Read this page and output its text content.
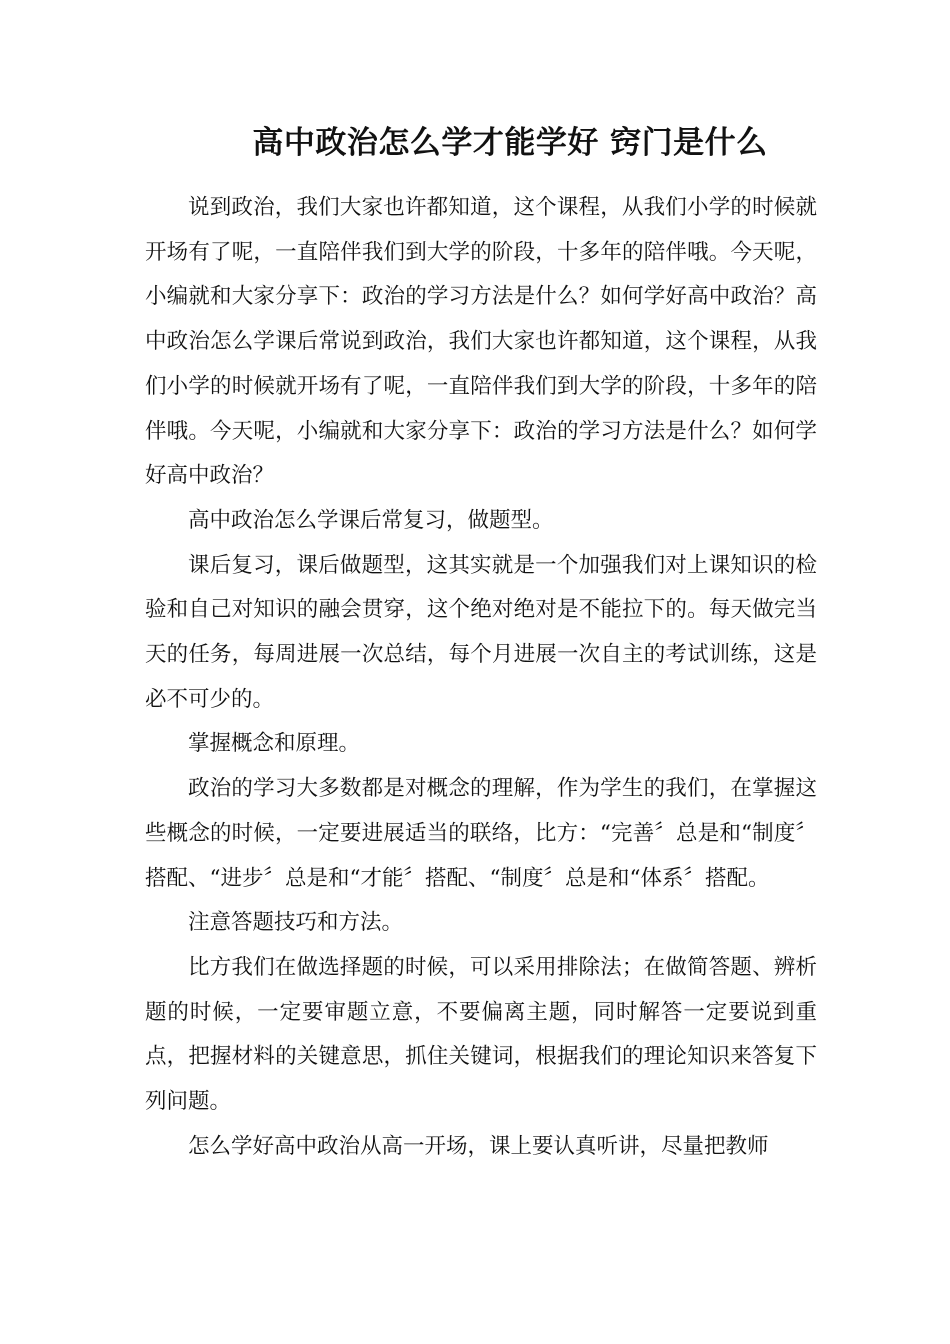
高中政治怎么学才能学好 窍门是什么

说到政治，我们大家也许都知道，这个课程，从我们小学的时候就开场有了呢，一直陪伴我们到大学的阶段，十多年的陪伴哦。今天呢，小编就和大家分享下：政治的学习方法是什么？如何学好高中政治？高中政治怎么学课后常说到政治，我们大家也许都知道，这个课程，从我们小学的时候就开场有了呢，一直陪伴我们到大学的阶段，十多年的陪伴哦。今天呢，小编就和大家分享下：政治的学习方法是什么？如何学好高中政治？

高中政治怎么学课后常复习，做题型。

课后复习，课后做题型，这其实就是一个加强我们对上课知识的检验和自己对知识的融会贯穿，这个绝对绝对是不能拉下的。每天做完当天的任务，每周进展一次总结，每个月进展一次自主的考试训练，这是必不可少的。

掌握概念和原理。

政治的学习大多数都是对概念的理解，作为学生的我们，在掌握这些概念的时候，一定要进展适当的联络，比方：“完善〞总是和“制度〞搭配、“进步〞总是和“才能〞搭配、“制度〞总是和“体系〞搭配。

注意答题技巧和方法。

比方我们在做选择题的时候，可以采用排除法；在做简答题、辨析题的时候，一定要审题立意，不要偏离主题，同时解答一定要说到重点，把握材料的关键意思，抓住关键词，根据我们的理论知识来答复下列问题。

怎么学好高中政治从高一开场，课上要认真听讲，尽量把教师
